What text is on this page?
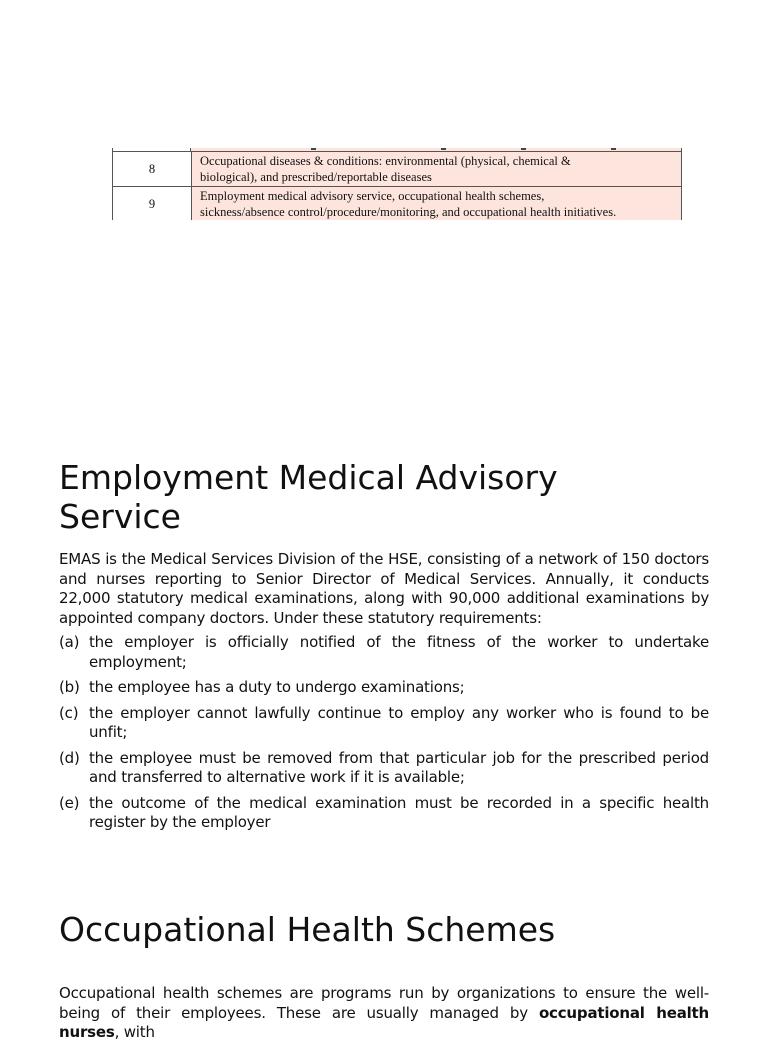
8	Occupational diseases & conditions: environmental (physical, chemical &
biological), and prescribed/reportable diseases
9	Employment medical advisory service, occupational health schemes,
sickness/absence control/procedure/monitoring, and occupational health initiatives.
Employment Medical Advisory Service

EMAS is the Medical Services Division of the HSE, consisting of a network of 150 doctors and nurses reporting to Senior Director of Medical Services. Annually, it conducts 22,000 statutory medical examinations, along with 90,000 additional examinations by appointed company doctors. Under these statutory requirements:

(a) the employer is officially notified of the fitness of the worker to undertake employment;
(b) the employee has a duty to undergo examinations;
(c) the employer cannot lawfully continue to employ any worker who is found to be unfit;
(d) the employee must be removed from that particular job for the prescribed period and transferred to alternative work if it is available;
(e) the outcome of the medical examination must be recorded in a specific health register by the employer
Occupational Health Schemes

Occupational health schemes are programs run by organizations to ensure the well-being of their employees. These are usually managed by occupational health nurses, with
